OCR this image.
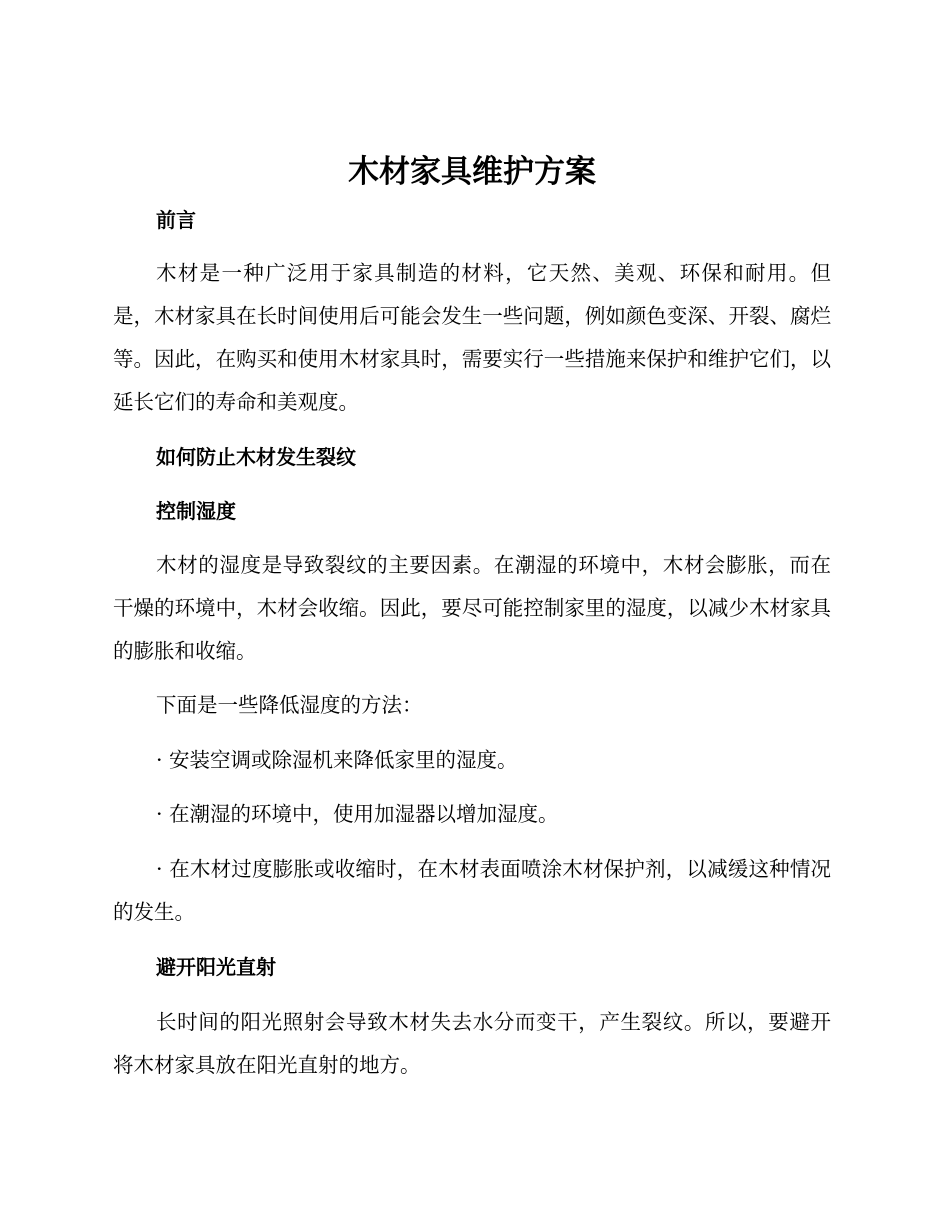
木材家具维护方案
前言

木材是一种广泛用于家具制造的材料，它天然、美观、环保和耐用。但是，木材家具在长时间使用后可能会发生一些问题，例如颜色变深、开裂、腐烂等。因此，在购买和使用木材家具时，需要实行一些措施来保护和维护它们，以延长它们的寿命和美观度。

如何防止木材发生裂纹
控制湿度

木材的湿度是导致裂纹的主要因素。在潮湿的环境中，木材会膨胀，而在干燥的环境中，木材会收缩。因此，要尽可能控制家里的湿度，以减少木材家具的膨胀和收缩。

下面是一些降低湿度的方法：

· 安装空调或除湿机来降低家里的湿度。

· 在潮湿的环境中，使用加湿器以增加湿度。

· 在木材过度膨胀或收缩时，在木材表面喷涂木材保护剂，以减缓这种情况的发生。

避开阳光直射

长时间的阳光照射会导致木材失去水分而变干，产生裂纹。所以，要避开将木材家具放在阳光直射的地方。
